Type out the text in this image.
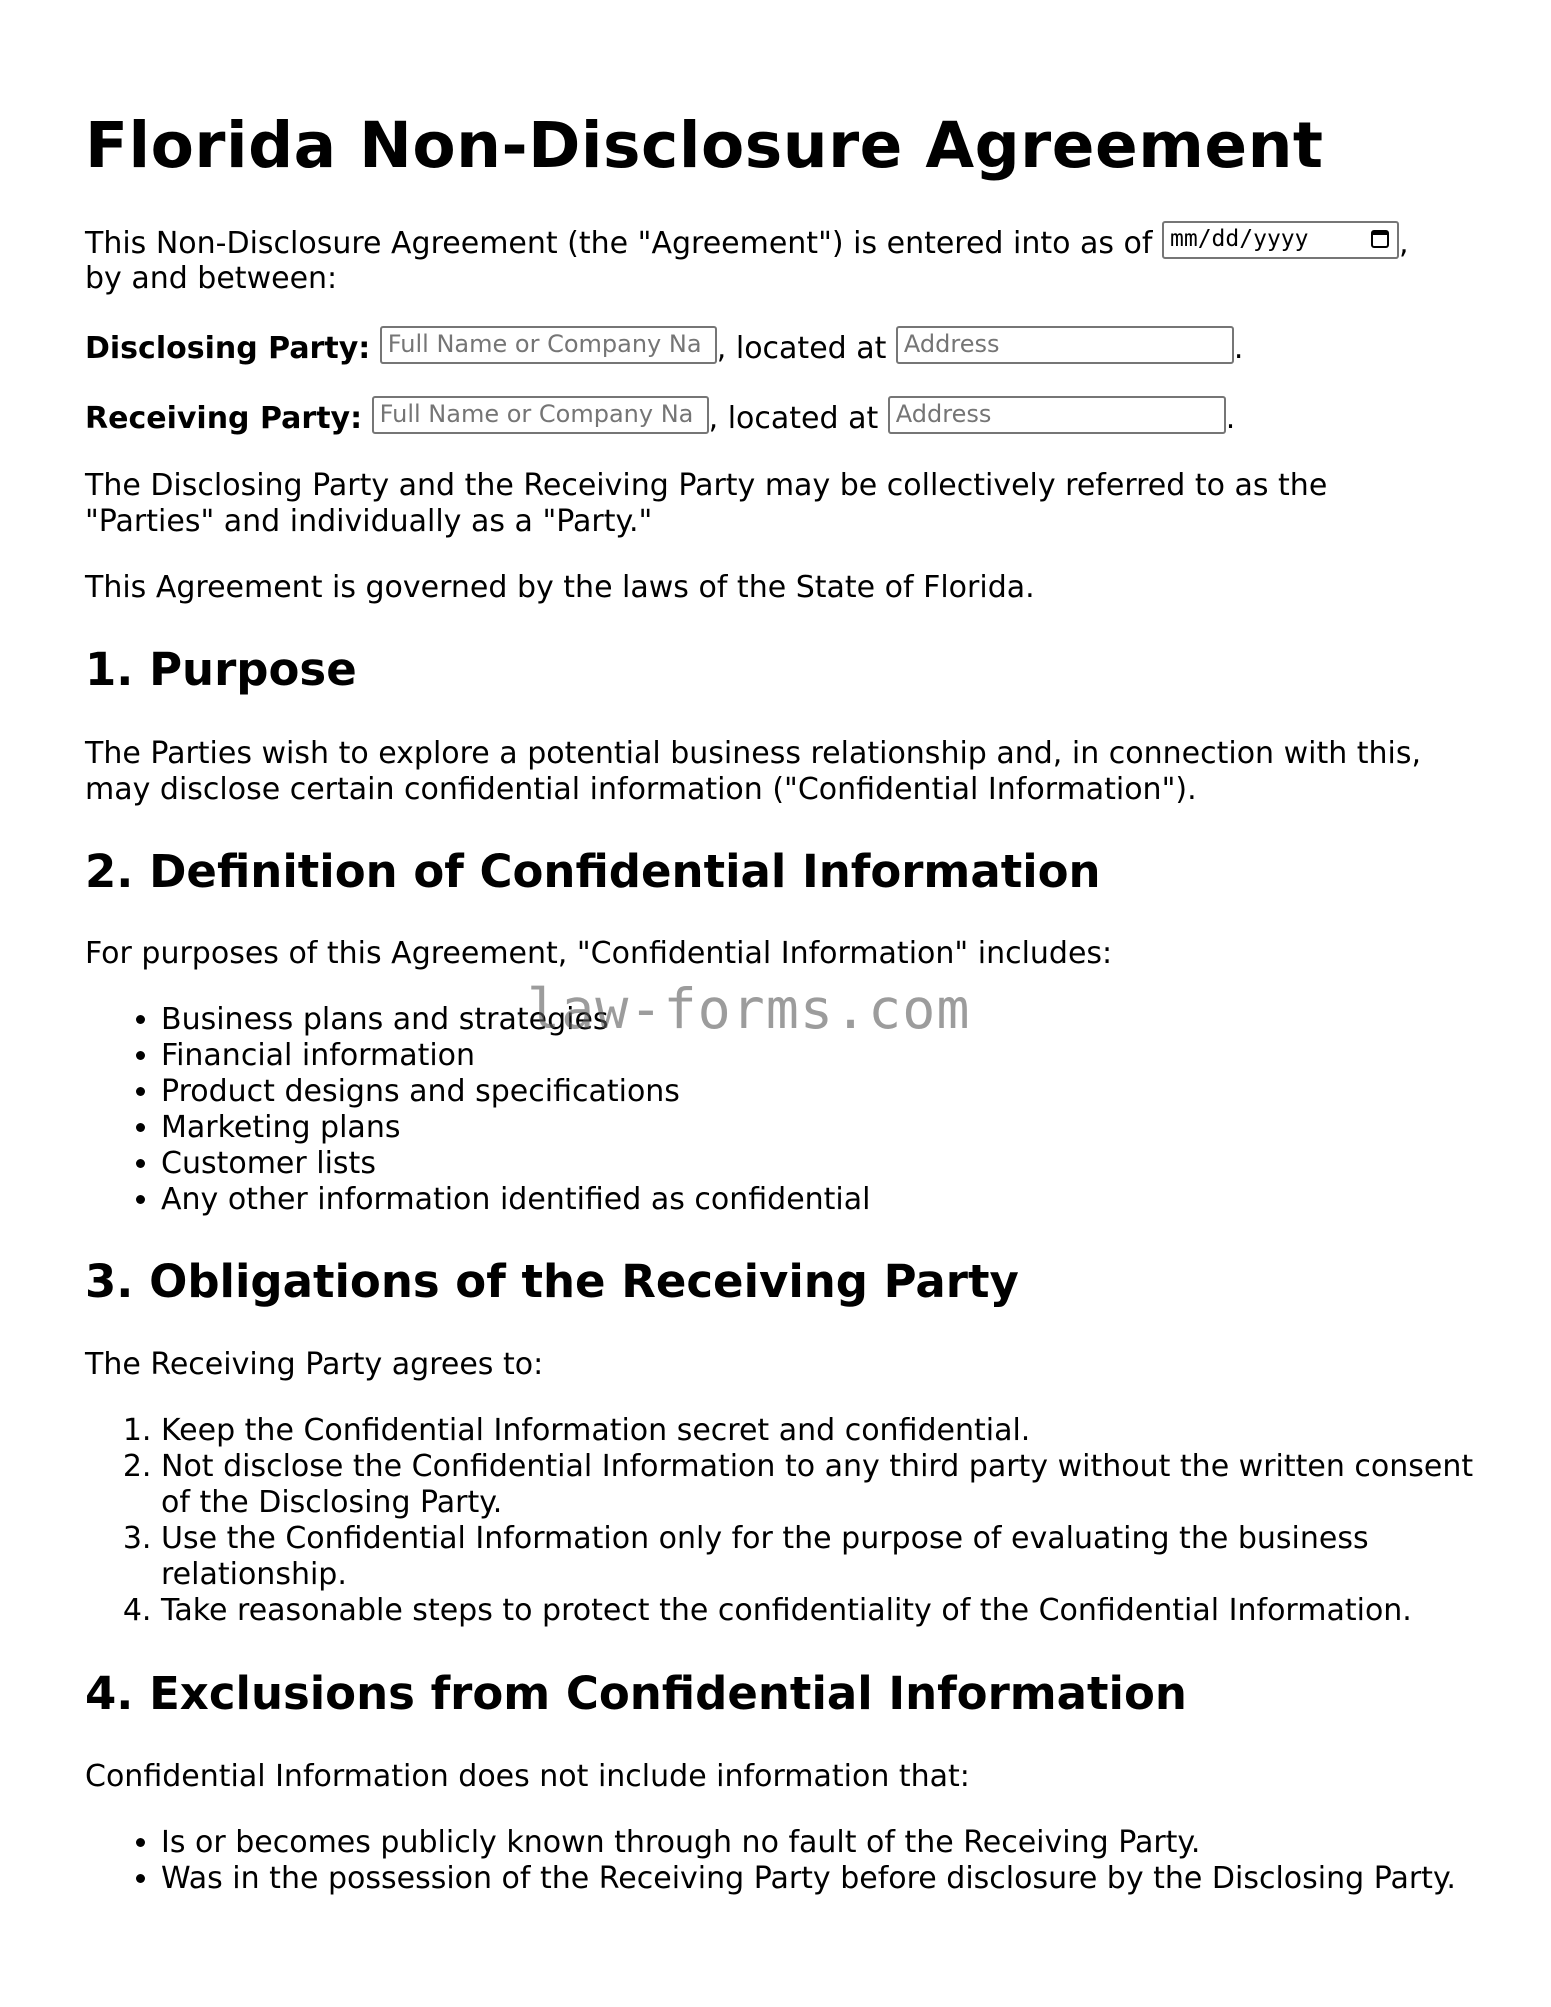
Florida Non-Disclosure Agreement

This Non-Disclosure Agreement (the "Agreement") is entered into as of mm/dd/yyyy	,

by and between:

Disclosing Party: Full Name or Company Na , located at Address	.

Receiving Party: Full Name or Company Na , located at Address	.

The Disclosing Party and the Receiving Party may be collectively referred to as the "Parties" and individually as a "Party."

This Agreement is governed by the laws of the State of Florida.

1. Purpose

The Parties wish to explore a potential business relationship and, in connection with this, may disclose certain confidential information ("Confidential Information").

2. Definition of Confidential Information

For purposes of this Agreement, "Confidential Information" includes:

• Business plans and strategies
• Financial information
• Product designs and specifications
• Marketing plans
• Customer lists
• Any other information identified as confidential
3. Obligations of the Receiving Party

The Receiving Party agrees to:

1. Keep the Confidential Information secret and confidential.
2. Not disclose the Confidential Information to any third party without the written consent of the Disclosing Party.
3. Use the Confidential Information only for the purpose of evaluating the business relationship.
4. Take reasonable steps to protect the confidentiality of the Confidential Information.
4. Exclusions from Confidential Information

Confidential Information does not include information that:

• Is or becomes publicly known through no fault of the Receiving Party.
• Was in the possession of the Receiving Party before disclosure by the Disclosing Party.
law-forms.com
